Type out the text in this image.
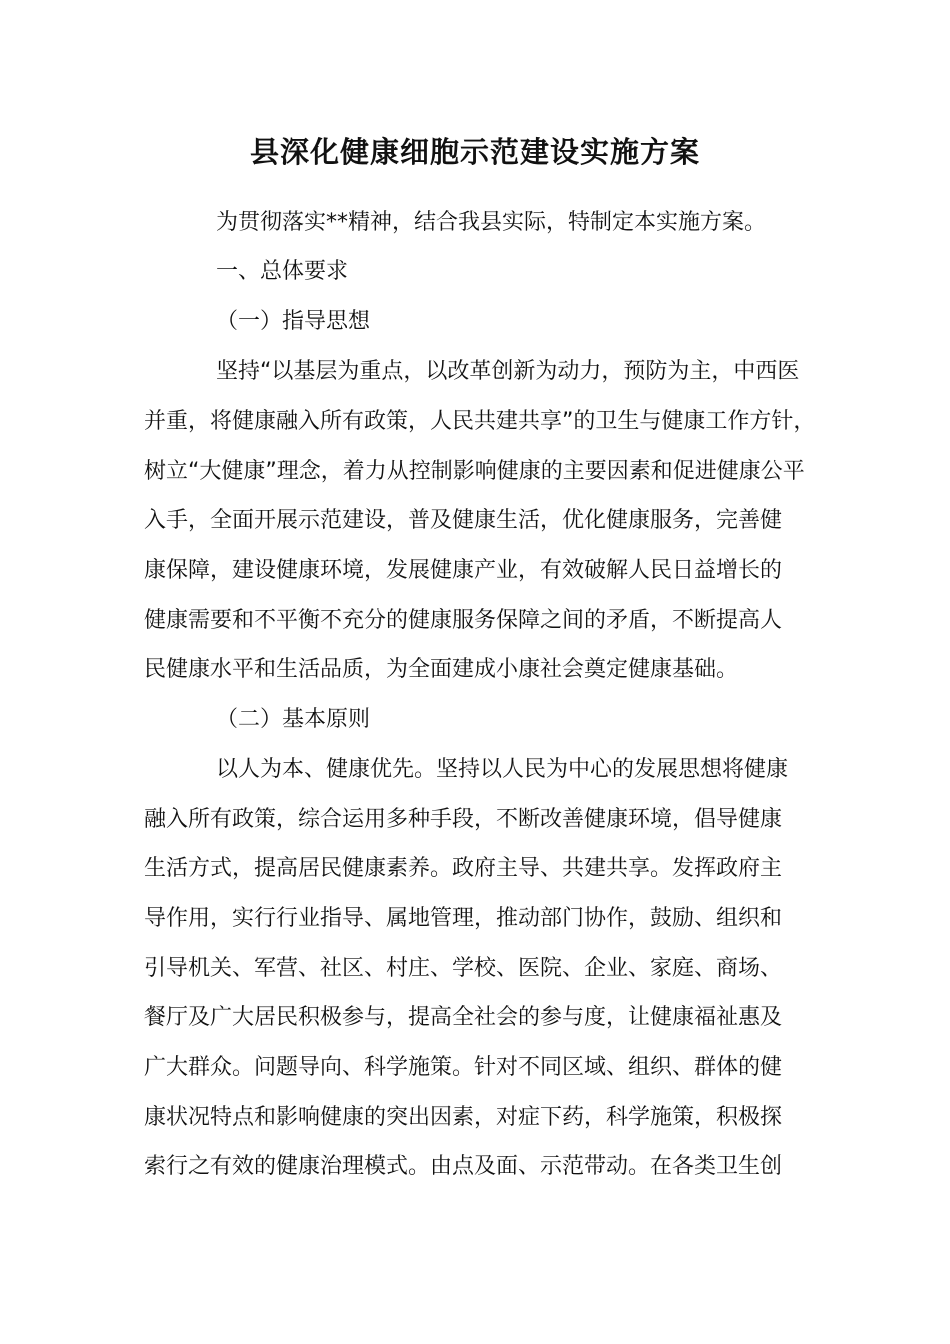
县深化健康细胞示范建设实施方案

为贯彻落实**精神，结合我县实际，特制定本实施方案。

一、总体要求

（一）指导思想

坚持“以基层为重点，以改革创新为动力，预防为主，中西医

并重，将健康融入所有政策，人民共建共享”的卫生与健康工作方针，

树立“大健康”理念，着力从控制影响健康的主要因素和促进健康公平

入手，全面开展示范建设，普及健康生活，优化健康服务，完善健

康保障，建设健康环境，发展健康产业，有效破解人民日益增长的

健康需要和不平衡不充分的健康服务保障之间的矛盾，不断提高人

民健康水平和生活品质，为全面建成小康社会奠定健康基础。

（二）基本原则

以人为本、健康优先。坚持以人民为中心的发展思想将健康

融入所有政策，综合运用多种手段，不断改善健康环境，倡导健康

生活方式，提高居民健康素养。政府主导、共建共享。发挥政府主

导作用，实行行业指导、属地管理，推动部门协作，鼓励、组织和

引导机关、军营、社区、村庄、学校、医院、企业、家庭、商场、

餐厅及广大居民积极参与，提高全社会的参与度，让健康福祉惠及

广大群众。问题导向、科学施策。针对不同区域、组织、群体的健

康状况特点和影响健康的突出因素，对症下药，科学施策，积极探

索行之有效的健康治理模式。由点及面、示范带动。在各类卫生创
